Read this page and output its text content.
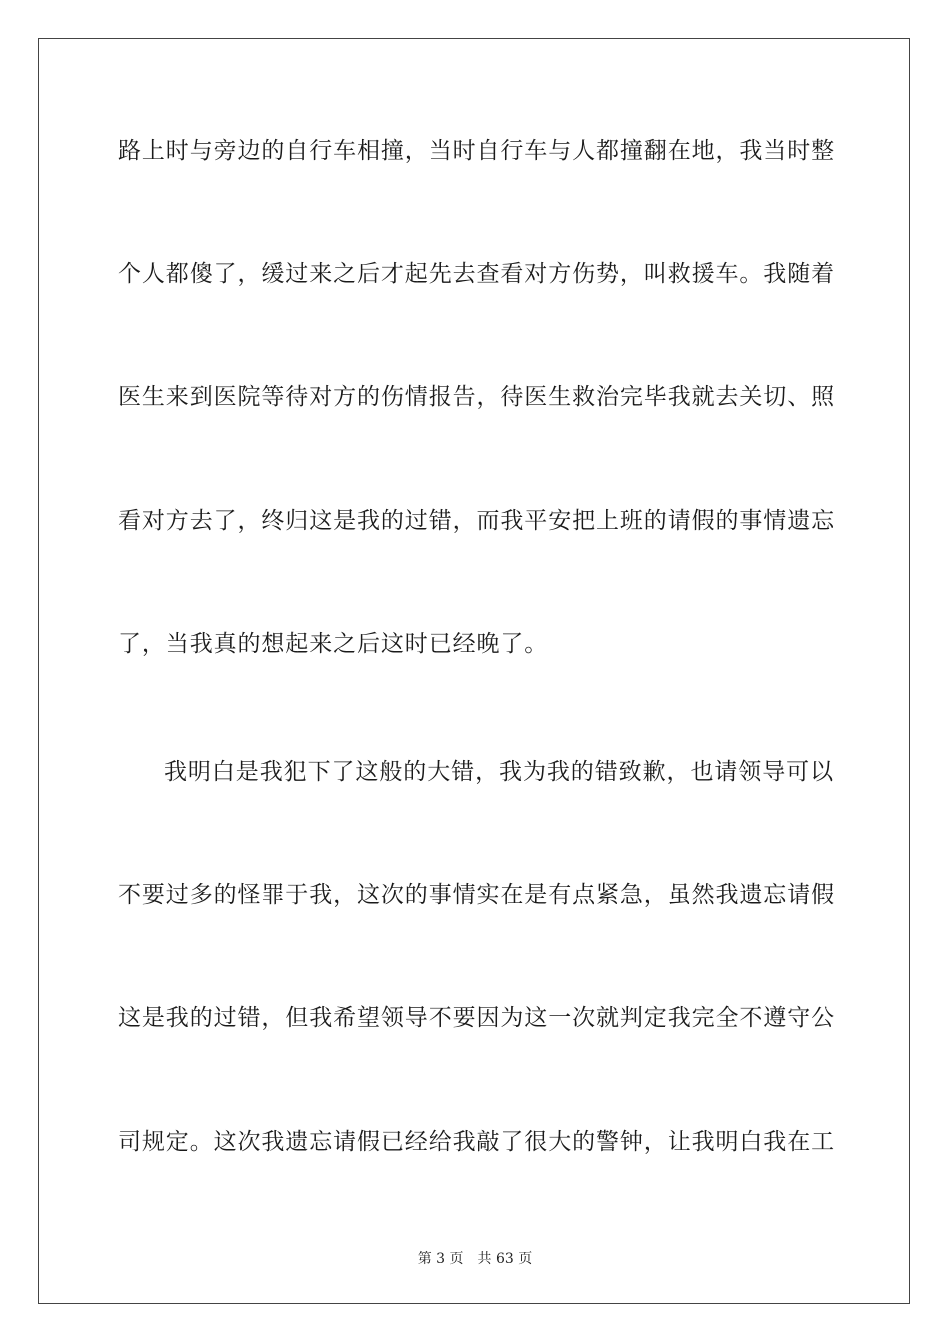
路上时与旁边的自行车相撞，当时自行车与人都撞翻在地，我当时整
个人都傻了，缓过来之后才起先去查看对方伤势，叫救援车。我随着
医生来到医院等待对方的伤情报告，待医生救治完毕我就去关切、照
看对方去了，终归这是我的过错，而我平安把上班的请假的事情遗忘
了，当我真的想起来之后这时已经晚了。
我明白是我犯下了这般的大错，我为我的错致歉，也请领导可以
不要过多的怪罪于我，这次的事情实在是有点紧急，虽然我遗忘请假
这是我的过错，但我希望领导不要因为这一次就判定我完全不遵守公
司规定。这次我遗忘请假已经给我敲了很大的警钟，让我明白我在工
第 3 页 共 63 页
